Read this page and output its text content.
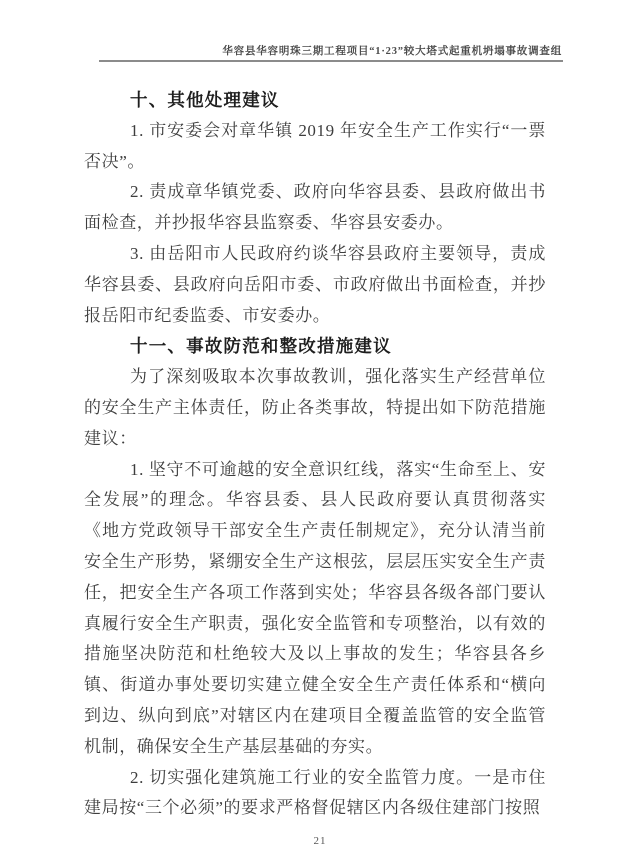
华容县华容明珠三期工程项目“1·23”较大塔式起重机坍塌事故调查组
十、其他处理建议

1. 市安委会对章华镇 2019 年安全生产工作实行“一票否决”。

2. 责成章华镇党委、政府向华容县委、县政府做出书面检查，并抄报华容县监察委、华容县安委办。

3. 由岳阳市人民政府约谈华容县政府主要领导，责成华容县委、县政府向岳阳市委、市政府做出书面检查，并抄报岳阳市纪委监委、市安委办。

十一、事故防范和整改措施建议

为了深刻吸取本次事故教训，强化落实生产经营单位的安全生产主体责任，防止各类事故，特提出如下防范措施建议：

1. 坚守不可逾越的安全意识红线，落实“生命至上、安全发展”的理念。华容县委、县人民政府要认真贯彻落实《地方党政领导干部安全生产责任制规定》，充分认清当前安全生产形势，紧绷安全生产这根弦，层层压实安全生产责任，把安全生产各项工作落到实处；华容县各级各部门要认真履行安全生产职责，强化安全监管和专项整治，以有效的措施坚决防范和杜绝较大及以上事故的发生；华容县各乡镇、街道办事处要切实建立健全安全生产责任体系和“横向到边、纵向到底”对辖区内在建项目全覆盖监管的安全监管机制，确保安全生产基层基础的夯实。

2. 切实强化建筑施工行业的安全监管力度。一是市住建局按“三个必须”的要求严格督促辖区内各级住建部门按照

21
